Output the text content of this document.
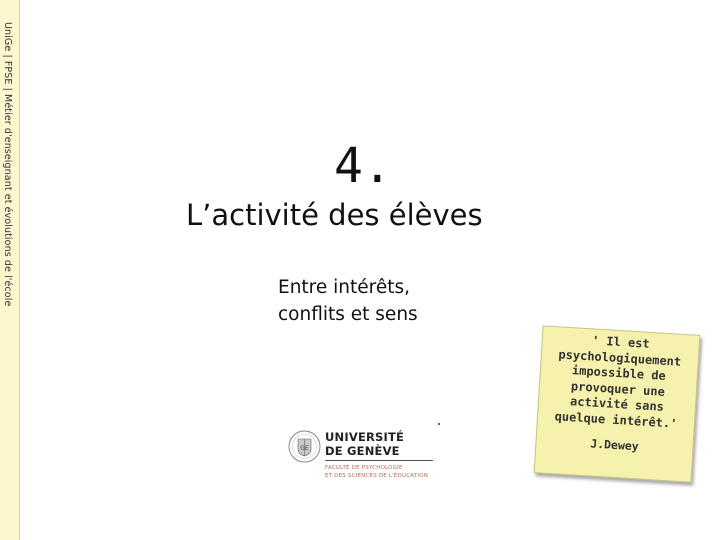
UniGe | FPSE | Métier d'enseignant et évolutions de l'école	4.
L’activité des élèves
Entre intérêts,
conflits et sens
' Il est
psychologiquement
impossible de
provoquer une
activité sans
quelque intérêt.'
J.Dewey
GE
UNIVERSITÉ
DE GENÈVE
FACULTÉ DE PSYCHOLOGIE
ET DES SCIENCES DE L'ÉDUCATION
